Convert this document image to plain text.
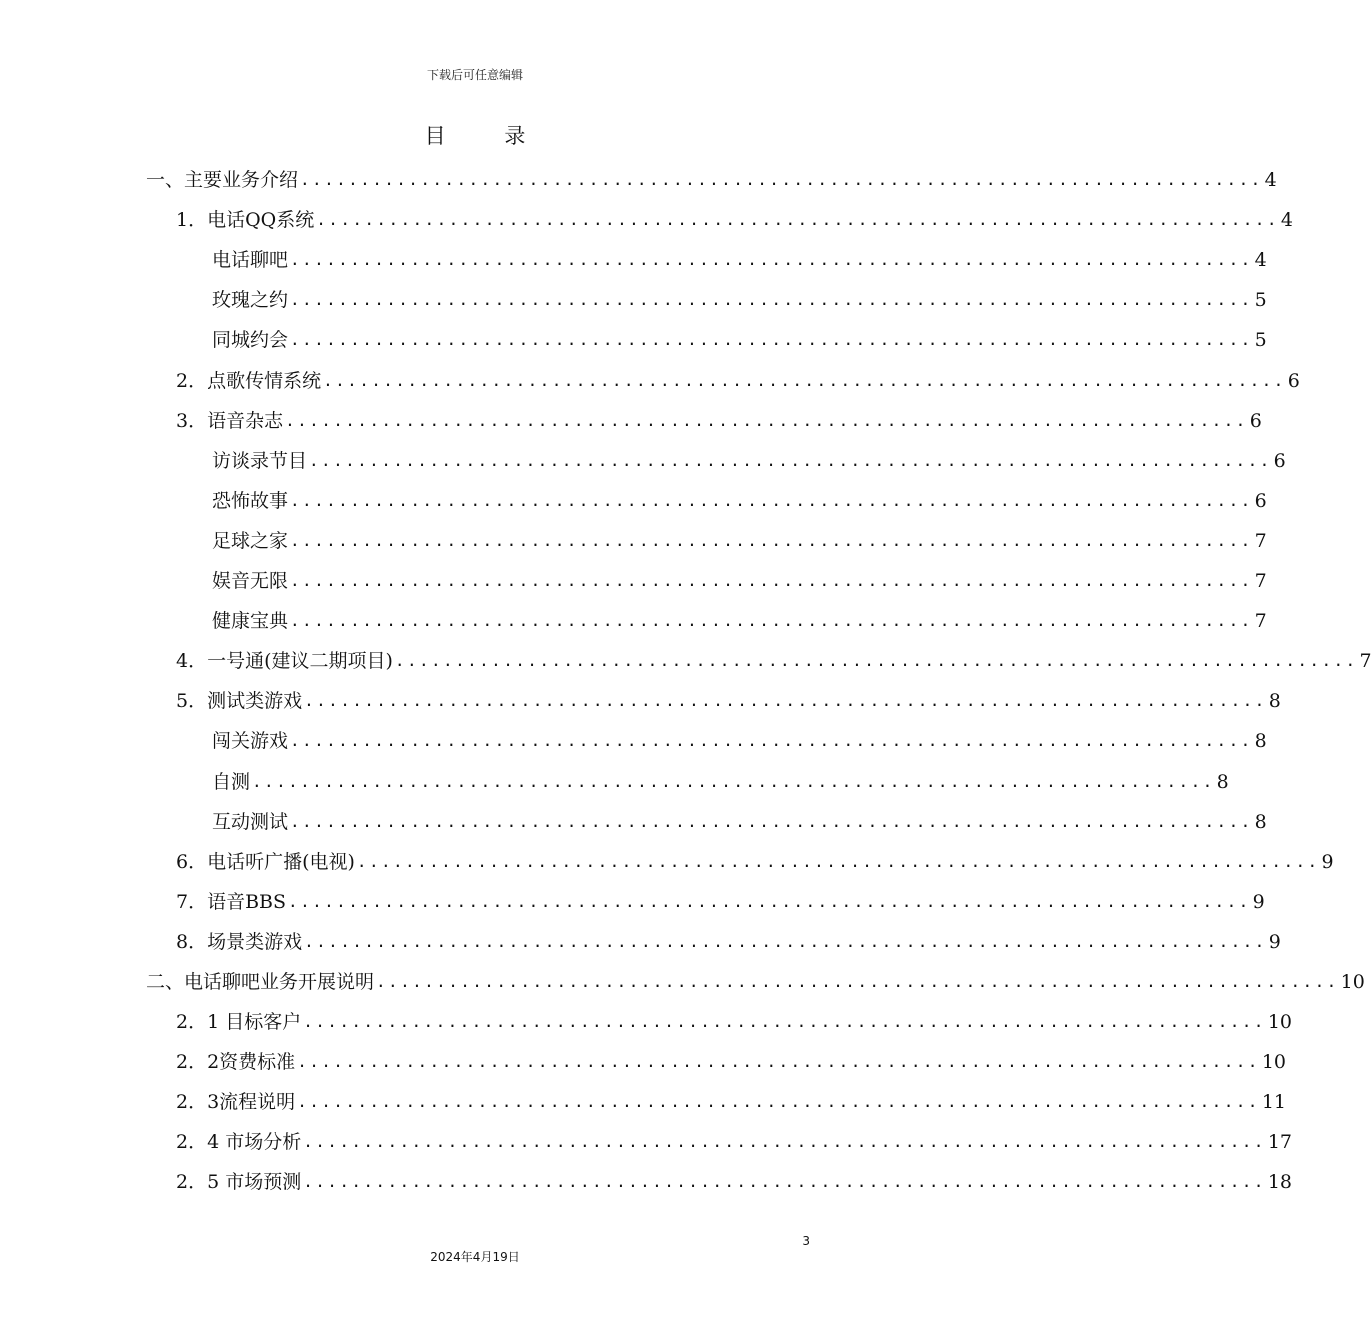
下载后可任意编辑
目 录
一、主要业务介绍 ................................................................................ 4
1．电话QQ系统 ................................................................................ 4
电话聊吧 ................................................................................ 4
玫瑰之约 ................................................................................ 5
同城约会 ................................................................................ 5
2．点歌传情系统 ................................................................................ 6
3．语音杂志 ................................................................................ 6
访谈录节目 ................................................................................ 6
恐怖故事 ................................................................................ 6
足球之家 ................................................................................ 7
娱音无限 ................................................................................ 7
健康宝典 ................................................................................ 7
4．一号通(建议二期项目) ................................................................................ 7
5．测试类游戏 ................................................................................ 8
闯关游戏 ................................................................................ 8
自测 ................................................................................ 8
互动测试 ................................................................................ 8
6．电话听广播(电视) ................................................................................ 9
7．语音BBS ................................................................................ 9
8．场景类游戏 ................................................................................ 9
二、电话聊吧业务开展说明 ................................................................................ 10
2．1 目标客户 ................................................................................ 10
2．2资费标准 ................................................................................ 10
2．3流程说明 ................................................................................ 11
2．4 市场分析 ................................................................................ 17
2．5 市场预测 ................................................................................ 18
3
2024年4月19日
